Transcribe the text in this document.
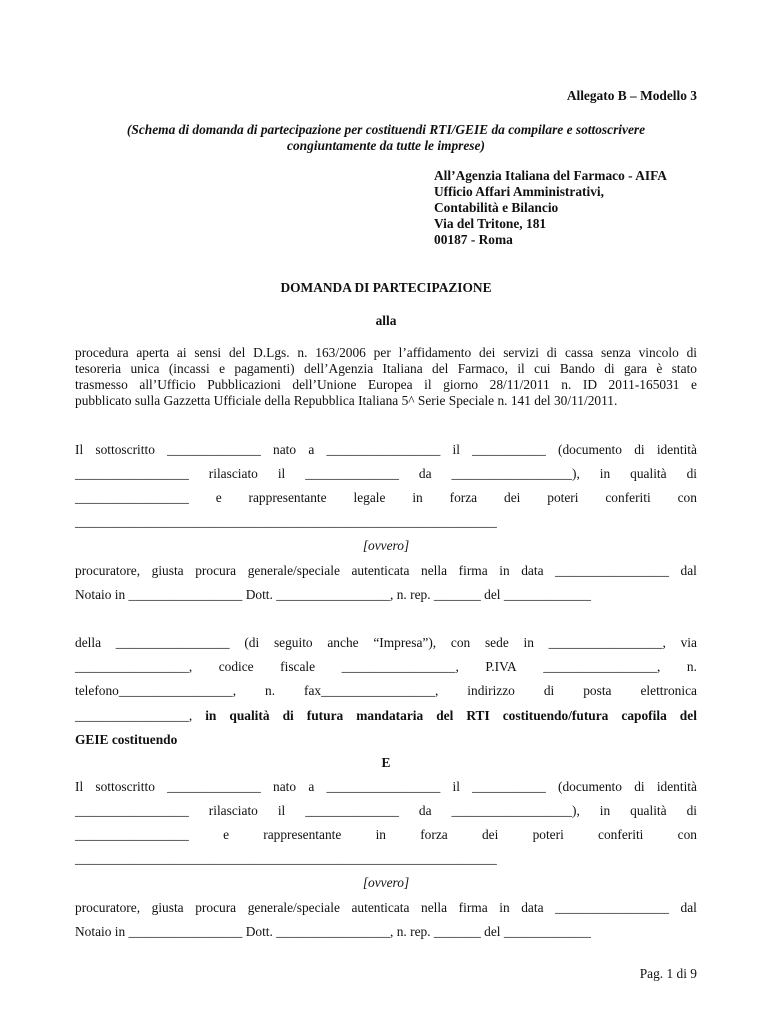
Allegato B – Modello 3
(Schema di domanda di partecipazione per costituendi RTI/GEIE da compilare e sottoscrivere
congiuntamente da tutte le imprese)
All’Agenzia Italiana del Farmaco - AIFA
Ufficio Affari Amministrativi,
Contabilità e Bilancio
Via del Tritone, 181
00187 - Roma
DOMANDA DI PARTECIPAZIONE
alla
procedura aperta ai sensi del D.Lgs. n. 163/2006 per l’affidamento dei servizi di cassa senza vincolo di
tesoreria unica (incassi e pagamenti) dell’Agenzia Italiana del Farmaco, il cui Bando di gara è stato
trasmesso all’Ufficio Pubblicazioni dell’Unione Europea il giorno 28/11/2011 n. ID 2011-165031 e
pubblicato sulla Gazzetta Ufficiale della Repubblica Italiana 5^ Serie Speciale n. 141 del 30/11/2011.
Il sottoscritto ______________ nato a _________________ il ___________ (documento di identità
_________________ rilasciato il ______________ da __________________), in qualità di
_________________ e rappresentante legale in forza dei poteri conferiti con
_______________________________________________________________
[ovvero]
procuratore, giusta procura generale/speciale autenticata nella firma in data _________________ dal
Notaio in _________________ Dott. _________________, n. rep. _______ del _____________
della _________________ (di seguito anche “Impresa”), con sede in _________________, via
_________________, codice fiscale _________________, P.IVA _________________, n.
telefono_________________, n. fax_________________, indirizzo di posta elettronica
_________________, in qualità di futura mandataria del RTI costituendo/futura capofila del
GEIE costituendo
E
Il sottoscritto ______________ nato a _________________ il ___________ (documento di identità
_________________ rilasciato il ______________ da __________________), in qualità di
_________________	e	rappresentante	in	forza	dei	poteri	conferiti	con
_______________________________________________________________
[ovvero]
procuratore, giusta procura generale/speciale autenticata nella firma in data _________________ dal
Notaio in _________________ Dott. _________________, n. rep. _______ del _____________
Pag. 1 di 9
